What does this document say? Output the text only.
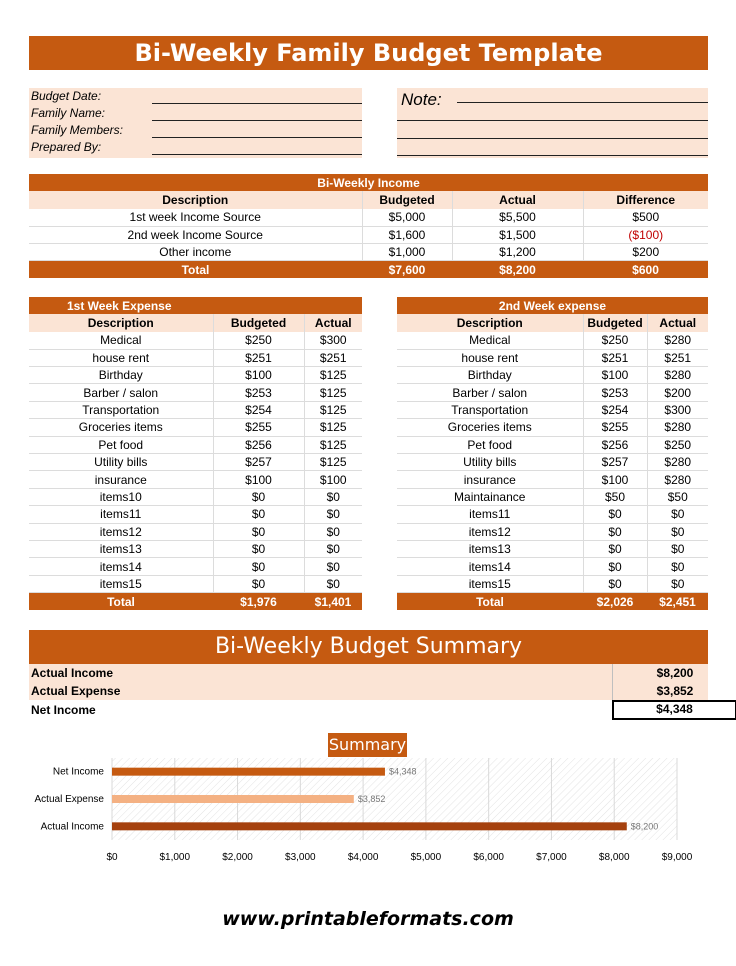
Bi-Weekly Family Budget Template
Budget Date:
Family Name:
Family Members:
Prepared By:
Note:
Bi-Weekly Income			
Description	Budgeted	Actual	Difference
1st week Income Source	$5,000	$5,500	$500
2nd week Income Source	$1,600	$1,500	($100)
Other income	$1,000	$1,200	$200
Total	$7,600	$8,200	$600
1st Week Expense		
Description	Budgeted	Actual
Medical	$250	$300
house rent	$251	$251
Birthday	$100	$125
Barber / salon	$253	$125
Transportation	$254	$125
Groceries items	$255	$125
Pet food	$256	$125
Utility bills	$257	$125
insurance	$100	$100
items10	$0	$0
items11	$0	$0
items12	$0	$0
items13	$0	$0
items14	$0	$0
items15	$0	$0
Total	$1,976	$1,401
2nd Week expense		
Description	Budgeted	Actual
Medical	$250	$280
house rent	$251	$251
Birthday	$100	$280
Barber / salon	$253	$200
Transportation	$254	$300
Groceries items	$255	$280
Pet food	$256	$250
Utility bills	$257	$280
insurance	$100	$280
Maintainance	$50	$50
items11	$0	$0
items12	$0	$0
items13	$0	$0
items14	$0	$0
items15	$0	$0
Total	$2,026	$2,451
Bi-Weekly Budget Summary
Actual Income	$8,200
Actual Expense	$3,852
Net Income	$4,348
Summary
$0	$1,000	$2,000	$3,000	$4,000	$5,000	$6,000	$7,000	$8,000	$9,000
Net Income	$4,348
Actual Expense	$3,852
Actual Income	$8,200
www.printableformats.com
